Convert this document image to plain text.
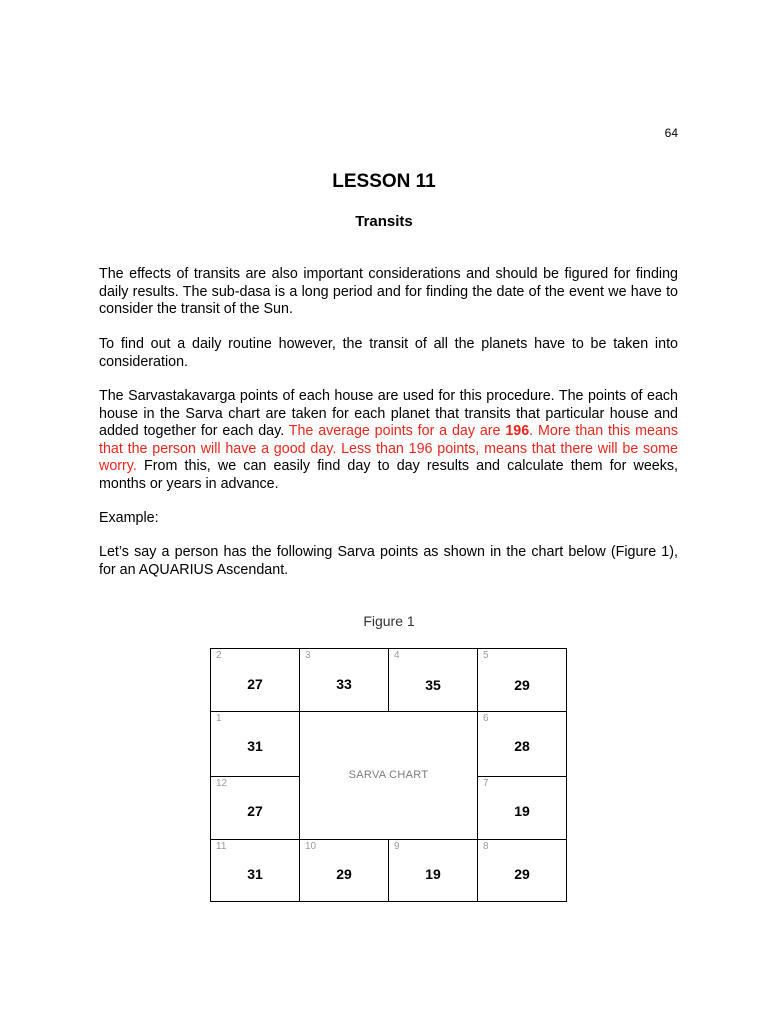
64
LESSON 11
Transits

The effects of transits are also important considerations and should be figured for finding daily results. The sub-dasa is a long period and for finding the date of the event we have to consider the transit of the Sun.

To find out a daily routine however, the transit of all the planets have to be taken into consideration.

The Sarvastakavarga points of each house are used for this procedure. The points of each house in the Sarva chart are taken for each planet that transits that particular house and added together for each day. The average points for a day are 196. More than this means that the person will have a good day. Less than 196 points, means that there will be some worry. From this, we can easily find day to day results and calculate them for weeks, months or years in advance.

Example:

Let’s say a person has the following Sarva points as shown in the chart below (Figure 1), for an AQUARIUS Ascendant.

Figure 1
2
27
3
33
4
35
5
29
1
31
6
28
12
27
7
19
11
31
10
29
9
19
8
29
SARVA CHART
